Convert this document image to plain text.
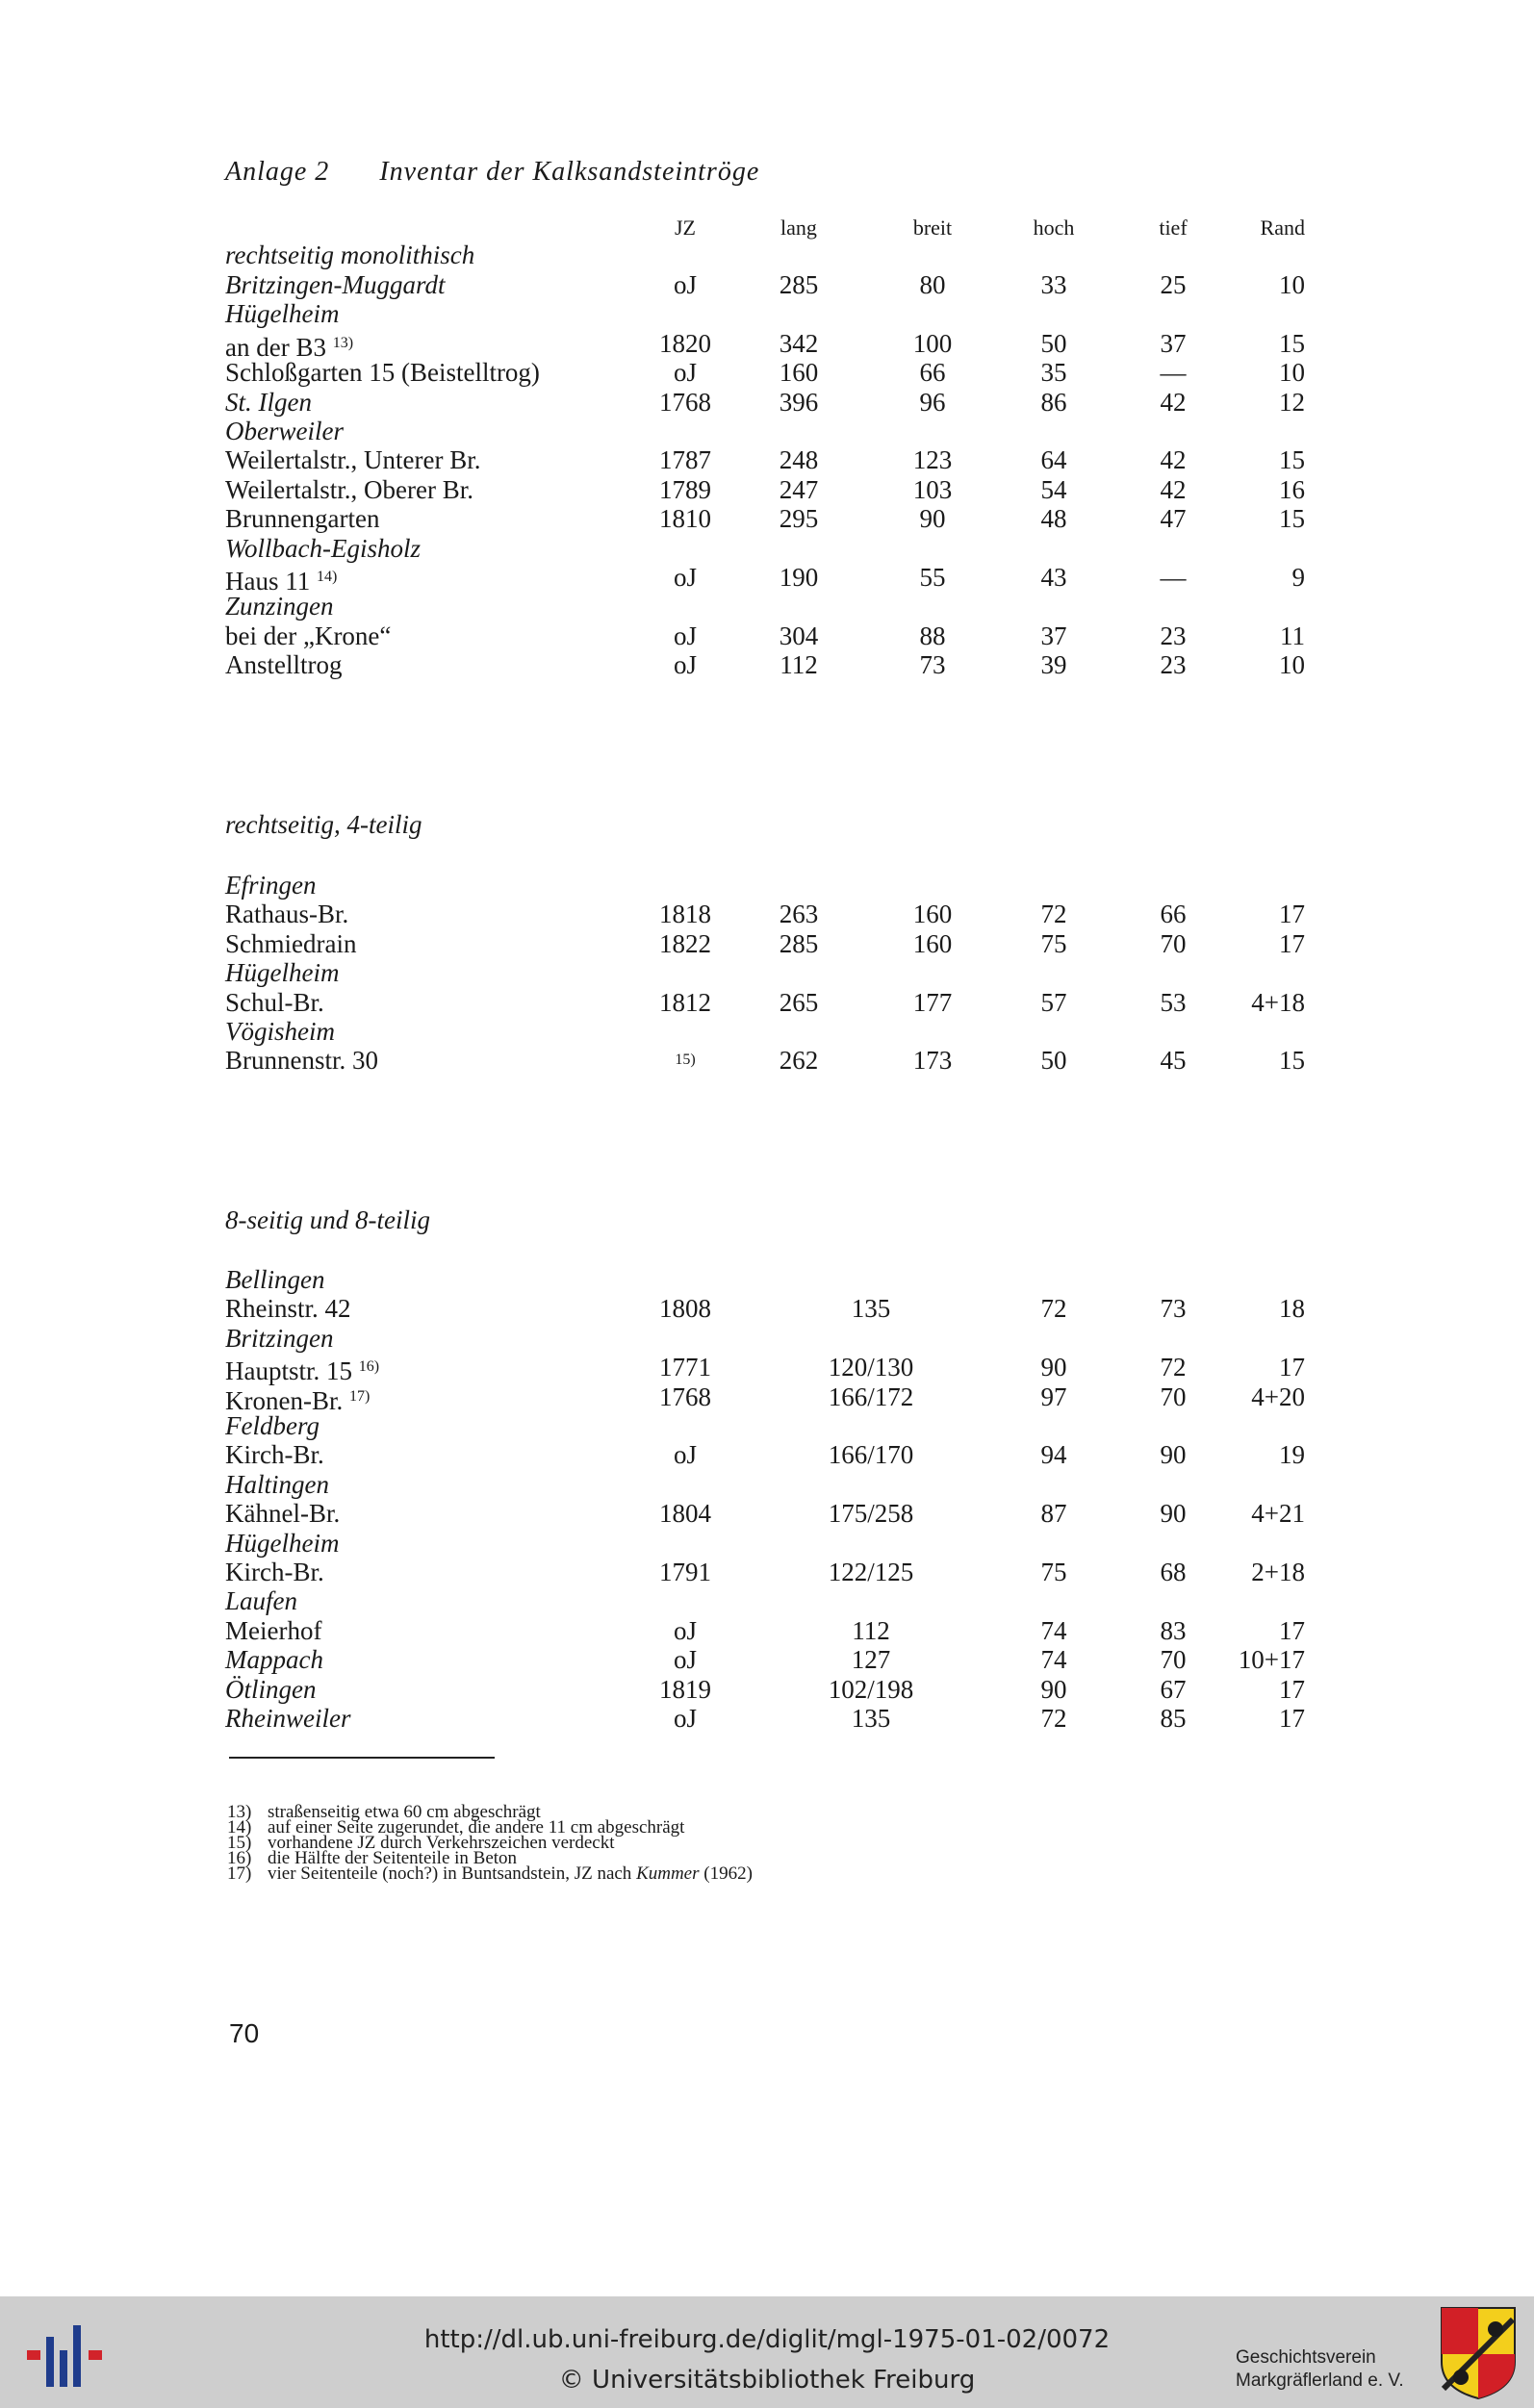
Anlage 2 Inventar der Kalksandsteintröge
JZ	lang	breit	hoch	tief	Rand
rechtseitig monolithisch
Britzingen-Muggardt	oJ	285	80	33	25	10
Hügelheim
an der B3 $^{13)}$	1820	342	100	50	37	15
Schloßgarten 15 (Beistelltrog)	oJ	160	66	35	—	10
St. Ilgen	1768	396	96	86	42	12
Oberweiler
Weilertalstr., Unterer Br.	1787	248	123	64	42	15
Weilertalstr., Oberer Br.	1789	247	103	54	42	16
Brunnengarten	1810	295	90	48	47	15
Wollbach-Egisholz
Haus 11 $^{14)}$	oJ	190	55	43	—	9
Zunzingen
bei der „Krone“	oJ	304	88	37	23	11
Anstelltrog	oJ	112	73	39	23	10
rechtseitig, 4-teilig
Efringen
Rathaus-Br.	1818	263	160	72	66	17
Schmiedrain	1822	285	160	75	70	17
Hügelheim
Schul-Br.	1812	265	177	57	53	4+18
Vögisheim
Brunnenstr. 30	$^{15)}$	262	173	50	45	15
8-seitig und 8-teilig
Bellingen
Rheinstr. 42	1808	135	72	73	18
Britzingen
Hauptstr. 15 $^{16)}$	1771	120/130	90	72	17
Kronen-Br. $^{17)}$	1768	166/172	97	70	4+20
Feldberg
Kirch-Br.	oJ	166/170	94	90	19
Haltingen
Kähnel-Br.	1804	175/258	87	90	4+21
Hügelheim
Kirch-Br.	1791	122/125	75	68	2+18
Laufen
Meierhof	oJ	112	74	83	17
Mappach	oJ	127	74	70	10+17
Ötlingen	1819	102/198	90	67	17
Rheinweiler	oJ	135	72	85	17
13) straßenseitig etwa 60 cm abgeschrägt
14) auf einer Seite zugerundet, die andere 11 cm abgeschrägt
15) vorhandene JZ durch Verkehrszeichen verdeckt
16) die Hälfte der Seitenteile in Beton
17) vier Seitenteile (noch?) in Buntsandstein, JZ nach Kummer (1962)
70
http://dl.ub.uni-freiburg.de/diglit/mgl-1975-01-02/0072
© Universitätsbibliothek Freiburg
Geschichtsverein
Markgräflerland e. V.
